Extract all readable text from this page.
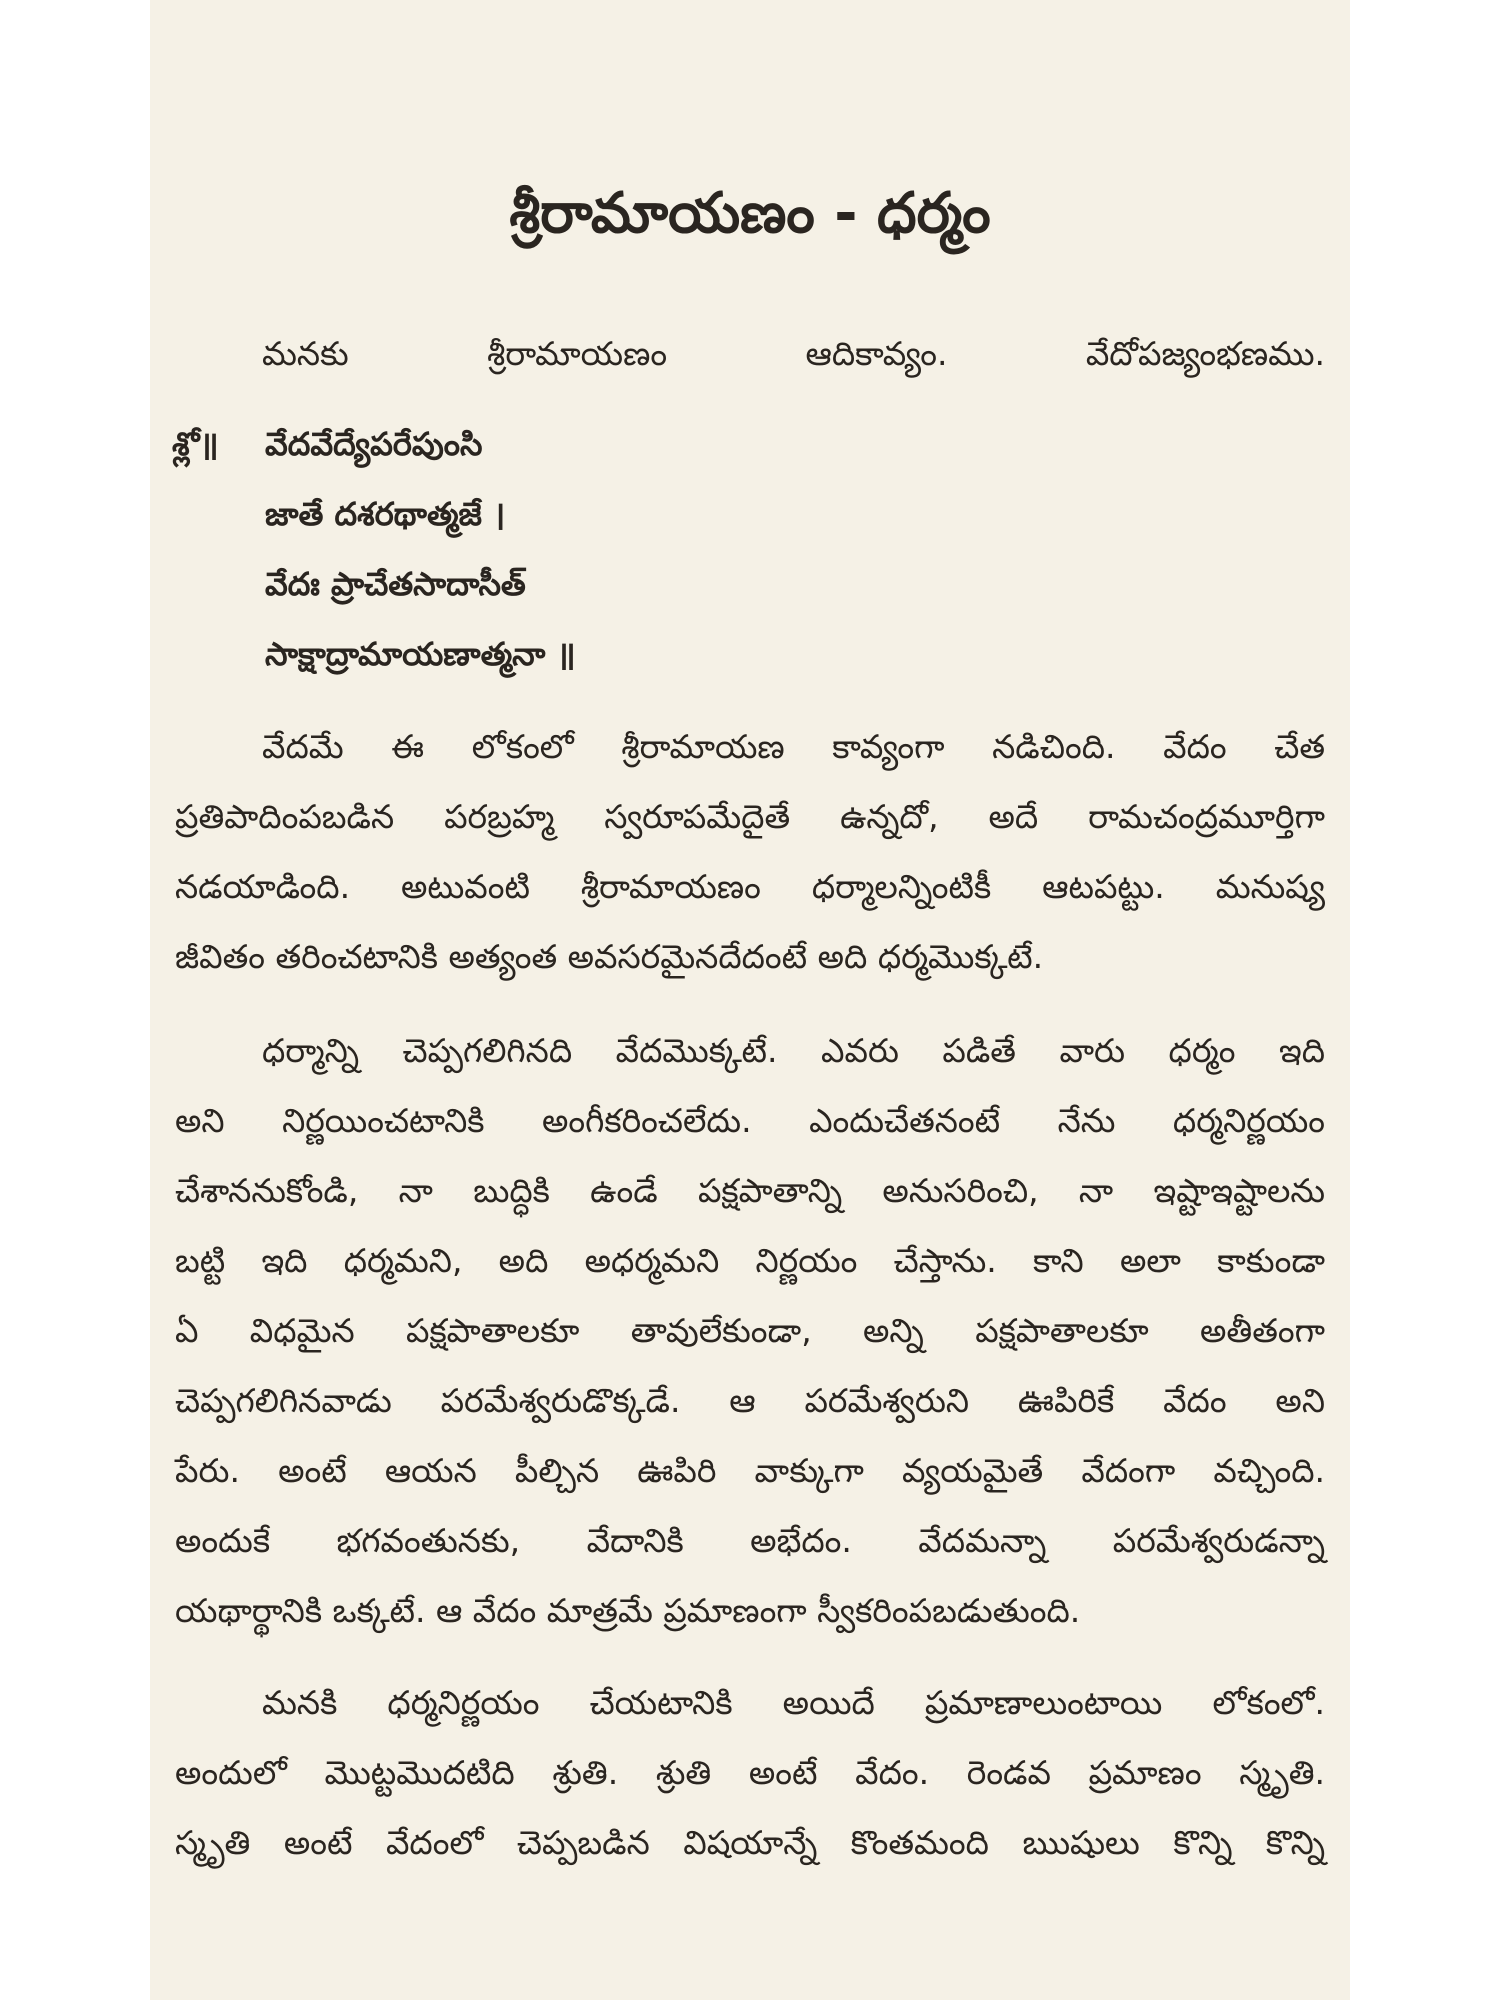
శ్రీరామాయణం - ధర్మం
మనకు శ్రీరామాయణం ఆదికావ్యం. వేదోపజ్యంభణము.
శ్లో॥ వేదవేద్యేపరేపుంసి
జాతే దశరథాత్మజే ।
వేదః ప్రాచేతసాదాసీత్
సాక్షాద్రామాయణాత్మనా ॥
వేదమే ఈ లోకంలో శ్రీరామాయణ కావ్యంగా నడిచింది. వేదం చేత
ప్రతిపాదింపబడిన పరబ్రహ్మ స్వరూపమేదైతే ఉన్నదో, అదే రామచంద్రమూర్తిగా
నడయాడింది. అటువంటి శ్రీరామాయణం ధర్మాలన్నింటికీ ఆటపట్టు. మనుష్య
జీవితం తరించటానికి అత్యంత అవసరమైనదేదంటే అది ధర్మమొక్కటే.
ధర్మాన్ని చెప్పగలిగినది వేదమొక్కటే. ఎవరు పడితే వారు ధర్మం ఇది
అని నిర్ణయించటానికి అంగీకరించలేదు. ఎందుచేతనంటే నేను ధర్మనిర్ణయం
చేశాననుకోండి, నా బుద్ధికి ఉండే పక్షపాతాన్ని అనుసరించి, నా ఇష్టాఇష్టాలను
బట్టి ఇది ధర్మమని, అది అధర్మమని నిర్ణయం చేస్తాను. కాని అలా కాకుండా
ఏ విధమైన పక్షపాతాలకూ తావులేకుండా, అన్ని పక్షపాతాలకూ అతీతంగా
చెప్పగలిగినవాడు పరమేశ్వరుడొక్కడే. ఆ పరమేశ్వరుని ఊపిరికే వేదం అని
పేరు. అంటే ఆయన పీల్చిన ఊపిరి వాక్కుగా వ్యయమైతే వేదంగా వచ్చింది.
అందుకే భగవంతునకు, వేదానికి అభేదం. వేదమన్నా పరమేశ్వరుడన్నా
యథార్థానికి ఒక్కటే. ఆ వేదం మాత్రమే ప్రమాణంగా స్వీకరింపబడుతుంది.
మనకి ధర్మనిర్ణయం చేయటానికి అయిదే ప్రమాణాలుంటాయి లోకంలో.
అందులో మొట్టమొదటిది శ్రుతి. శ్రుతి అంటే వేదం. రెండవ ప్రమాణం స్మృతి.
స్మృతి అంటే వేదంలో చెప్పబడిన విషయాన్నే కొంతమంది ఋషులు కొన్ని కొన్ని
